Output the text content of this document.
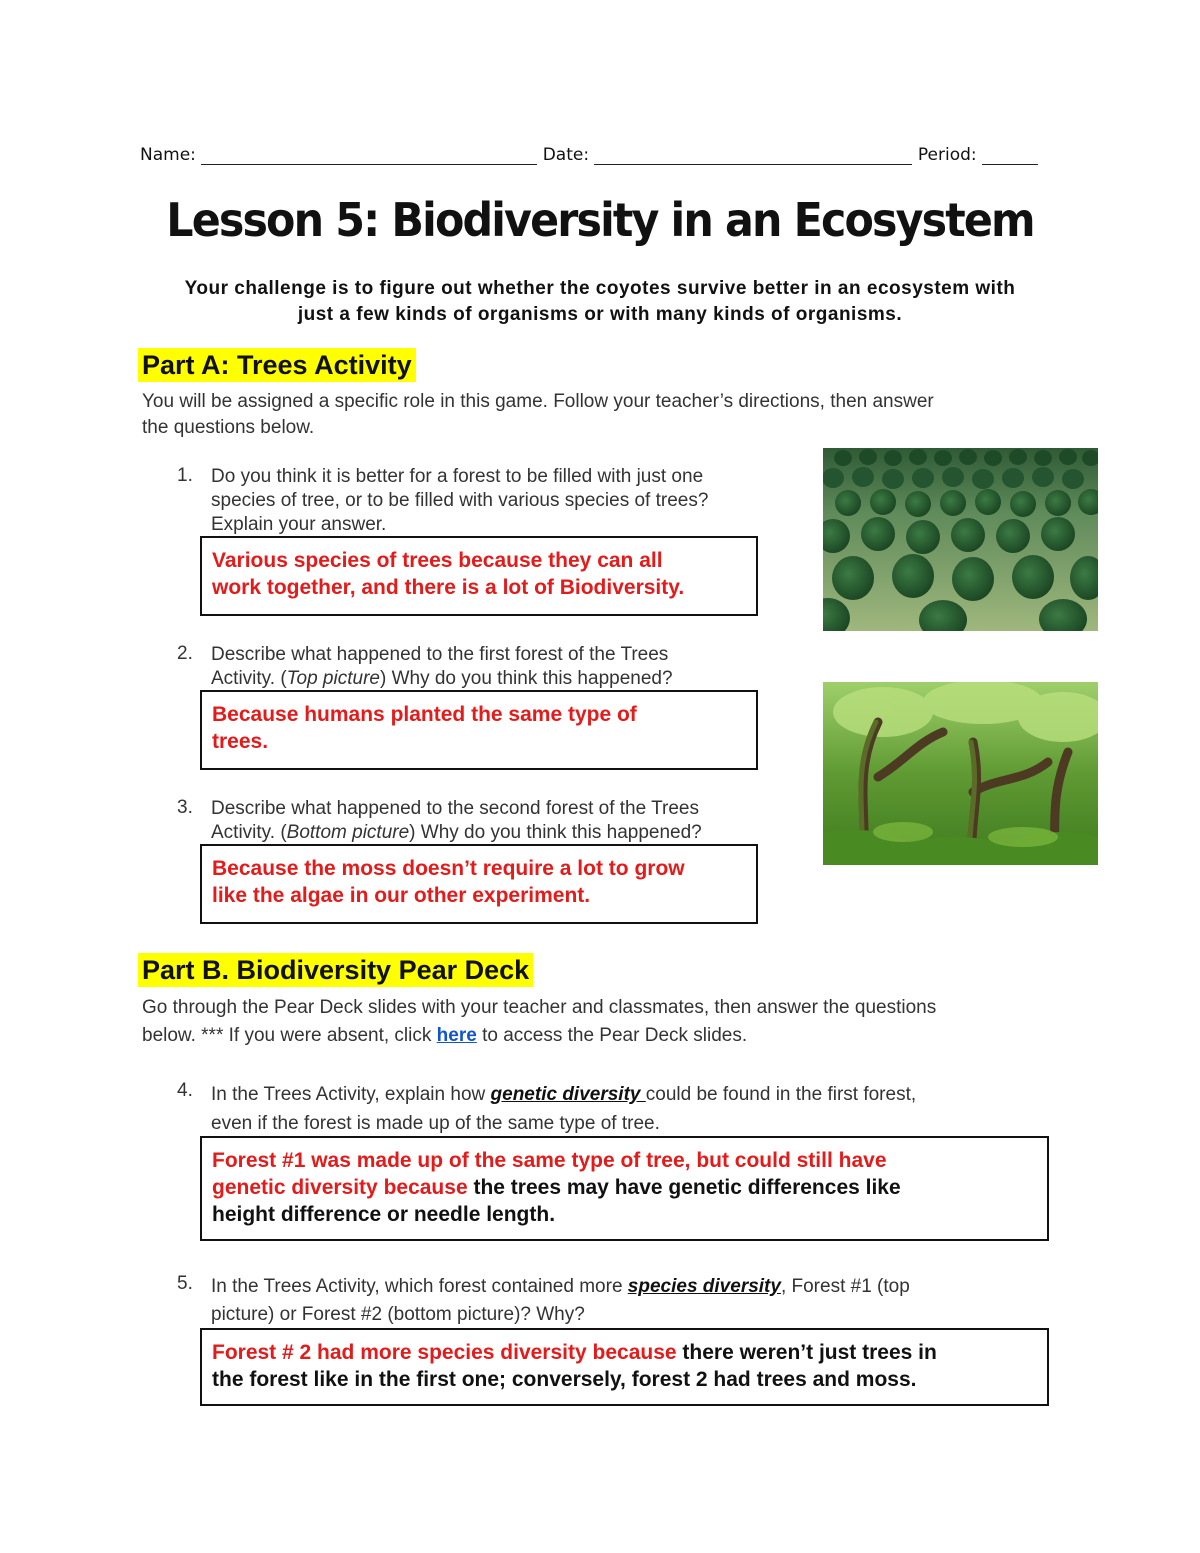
Name:	Date:	Period:
Lesson 5: Biodiversity in an Ecosystem
Your challenge is to figure out whether the coyotes survive better in an ecosystem with
just a few kinds of organisms or with many kinds of organisms.
Part A: Trees Activity
You will be assigned a specific role in this game. Follow your teacher’s directions, then answer
the questions below.
1. Do you think it is better for a forest to be filled with just one
species of tree, or to be filled with various species of trees?
Explain your answer.
Various species of trees because they can all
work together, and there is a lot of Biodiversity.
2. Describe what happened to the first forest of the Trees
Activity. (Top picture) Why do you think this happened?
Because humans planted the same type of
trees.
3. Describe what happened to the second forest of the Trees
Activity. (Bottom picture) Why do you think this happened?
Because the moss doesn’t require a lot to grow
like the algae in our other experiment.
Part B. Biodiversity Pear Deck
Go through the Pear Deck slides with your teacher and classmates, then answer the questions
below. *** If you were absent, click here to access the Pear Deck slides.
4. In the Trees Activity, explain how genetic diversity could be found in the first forest,
even if the forest is made up of the same type of tree.
Forest #1 was made up of the same type of tree, but could still have
genetic diversity because the trees may have genetic differences like
height difference or needle length.
5. In the Trees Activity, which forest contained more species diversity, Forest #1 (top
picture) or Forest #2 (bottom picture)? Why?
Forest # 2 had more species diversity because there weren’t just trees in
the forest like in the first one; conversely, forest 2 had trees and moss.
